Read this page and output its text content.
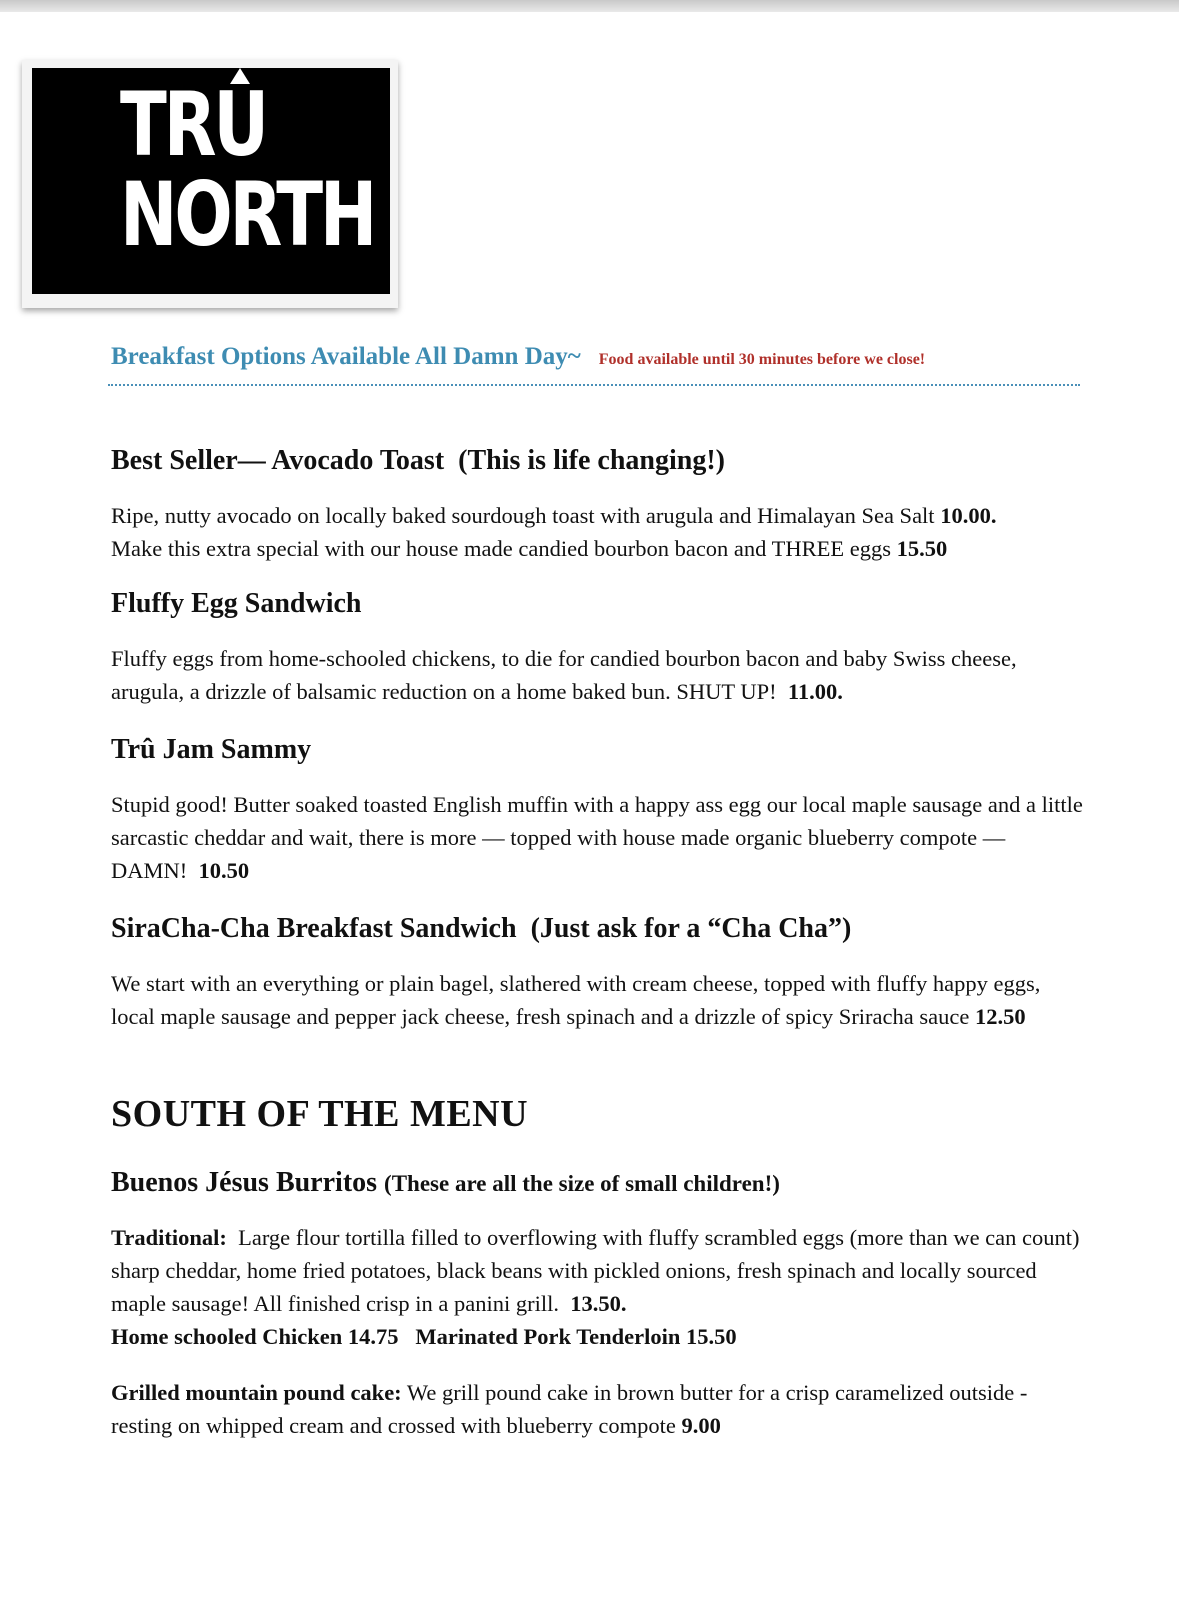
TRU
NORTH
Breakfast Options Available All Damn Day~ Food available until 30 minutes before we close!
Best Seller— Avocado Toast (This is life changing!)

Ripe, nutty avocado on locally baked sourdough toast with arugula and Himalayan Sea Salt 10.00.
Make this extra special with our house made candied bourbon bacon and THREE eggs 15.50

Fluffy Egg Sandwich

Fluffy eggs from home-schooled chickens, to die for candied bourbon bacon and baby Swiss cheese, arugula, a drizzle of balsamic reduction on a home baked bun. SHUT UP! 11.00.

Trû Jam Sammy

Stupid good! Butter soaked toasted English muffin with a happy ass egg our local maple sausage and a little sarcastic cheddar and wait, there is more — topped with house made organic blueberry compote — DAMN! 10.50

SiraCha-Cha Breakfast Sandwich (Just ask for a “Cha Cha”)

We start with an everything or plain bagel, slathered with cream cheese, topped with fluffy happy eggs, local maple sausage and pepper jack cheese, fresh spinach and a drizzle of spicy Sriracha sauce 12.50

SOUTH OF THE MENU
Buenos Jésus Burritos (These are all the size of small children!)

Traditional: Large flour tortilla filled to overflowing with fluffy scrambled eggs (more than we can count) sharp cheddar, home fried potatoes, black beans with pickled onions, fresh spinach and locally sourced maple sausage! All finished crisp in a panini grill. 13.50.
Home schooled Chicken 14.75 Marinated Pork Tenderloin 15.50

Grilled mountain pound cake: We grill pound cake in brown butter for a crisp caramelized outside - resting on whipped cream and crossed with blueberry compote 9.00
